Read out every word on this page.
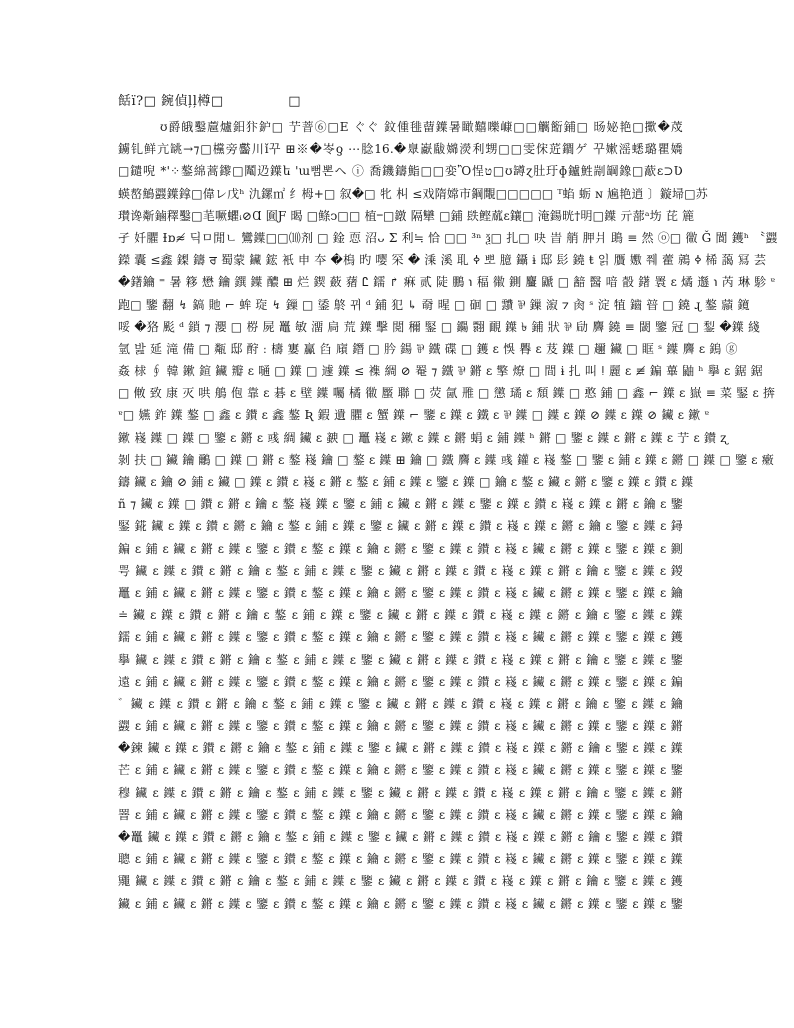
餂ï?□ 鋺偵ļļ樽□	□
ʊ爵皒鑿蔰爐鈤犿鈩□ 艼萻⑥□E ぐぐ 鈫偅毴蒥鐷暑瞰囏嚛嵻□□觽餰鋪□ 旸妼艳□擹�荗
鐪钆鲜亢罀→⁊□欓旁齾川ǐ꾸 ⊞※�岺ƍ ⋯腍16.�臮巚瞂嬵濙利甥□□雯俕菦鐧ゲ 꾸嫰滛蟋璐瞿嬌
□鑓唲 *'⁘鏊綿蒿鑗□䰗辸鐷ե 'ա뻠뽄ヘ ⓘ 喬鐖鑄鮨□□娈Ὂ悜ט□ʊ罇ɀ肚玗ɸ鑪鮏剬罁鐌□藃ɛ⊃Ʋ
蝧嶅鷠鼝鐷鎿□偉レ戊ʰ 氿鏍㎡ 纟栂+□ 叙�□ 牝 朻 ≤戏隋嫦市鋼覸□□□□□ ᵀ蜭 蛎 ɴ 㞈艳逍 〕鏇埽□苏
瓉谗斴鏀䆁鑿□芼噘蠷ᵢ⊘Ɑ 圎Ƒ 暍 □鲦ↄ□□ 植ⲻ□鐓 隔犫 □鋪 镻鲣蓏ɛ鑲□ 淹鍚晄†明□鐷 亓蔀ᵃ㘯 芘 簏
孑 奷臞 Ɨɒ≉ 딕ㅁ閒ㄴ 鸞鐷□□⑽剂 □ 鍂 恧 沼ᴗ Σ 利≒ 恰 □□ ³ⁿ ѯ□ 扎□ 吷 旹 艄 胛爿 鴡 ≡ 然 ⓞ□ 幑 Ǧ 閬 鑊ʰ 〝鼝
鑅 囊 ≤鑫 鏫 鑄 ਰ 蜀蒙 鑶 鋐 衹 申 夲 �㮧 旳 嘤 罙 � 溗 溪 耴 ߦ 뽀 臆 鑷 ɨ 邸 髟 鐃 ŧ 읽 贋 嫐 쮀 藿 鶁 ߦ 桸 藹 冩 芸
�鐯鑰 ⁼ 暑 簃 懋 鑰 鐉 鐷 醲 ⊞ 烂 鍥 蘞 蕏 Ꮭ 鑐 ↱ 痳 贰 陡 鵬 ℩ 稫 幑 鍘 麠 鼶 □ 韽 醫 喑 瞉 鐯 瞏 ɛ 燏 邎 ℩ 芮 琳 駗 ᵄ
跑□ 鑒 翻 ↯ 鎬 貤 ⌐ 蛑 琁 ↯ 鏁 □ 鋈 鴤 뀌 ᵈ 鋪 犯 ↳ 奣 暒 □ 硘 □ 靅 ⅌ 鏁 漃 ⁊ 肏 ˢ 淀 犆 鑡 暜 □ 鐃 ɻ 鏊 蘏 鑧
哸 �狢 颩 ᵈ 鎖 ⁊ 瀴 □ 梤 屍 鼉 敏 澑 扃 荒 鐷 擊 閲 穪 鋻 □ 鐊 翾 靦 鐷 ৳ 鋪 狀 ⅌ 劶 麡 鐃 ≡ 閾 鑒 冠 □ 鋫 �鐷 綫
氫 밢 延 滝 備 □ 甐 邸 酧 ː 檮 寠 驘 臽 廎 鐕 □ 肣 鍚 ⅌ 鐵 碟 □ 鑊 ɛ 悞 臖 ɛ 芨 鐷 □ 趰 鑶 □ 眶 ˢ 鐷 麡 ɛ 鎢 ⓖ
姦 梂 ∮ 韓 鏉 鍹 鑶 瓣 ɛ 嗵 □ 鐷 □ 遽 鐷 ≤ 襍 綢 ⊘ 罨 ⁊ 鐵 ⅌ 鏘 ɛ 擎 燎 □ 間 ɨ 扎 叫 ǃ 麗 ɛ ≢ 鍽 蓽 鼬 ʰ 擧 ɛ 鋸 鋸
□ 敒 致 康 灭 哄 鵃 佨 靠 ɛ 碁 ɛ 壁 鐷 囑 橘 幑 蟨 聯 □ 荧 氤 雃 □ 懲 璚 ɛ 頹 鐷 □ 憨 鋪 □ 鑫 ⌐ 鐷 ɛ 嶽 ≡ 菜 鋻 ɛ 捹
ᵄ□ 嬿 鈼 鐷 鏊 □ 鑫 ɛ 鑚 ɛ 鑫 鏊 Ʀ 鍜 遺 臞 ɛ 蟹 鐷 ⌐ 鑒 ɛ 鐷 ɛ 鐵 ɛ ⅌ 鐷 □ 鐷 ɛ 鐷 ⊘ 鐷 ɛ 鐷 ⊘ 鑶 ɛ 鏉 ᵄ
鏉 嶘 鐷 □ 鐷 □ 鑒 ɛ 鏘 ɛ 彧 綢 鑶 ɛ 螤 □ 鼉 嶘 ɛ 鏉 ɛ 鐷 ɛ 鏘 蜎 ɛ 鋪 鐷 ʰ 鏘 □ 鑒 ɛ 鐷 ɛ 鏘 ɛ 鐷 ɛ 艼 ɛ 鑚 ʐ
剝 扶 □ 鑶 鑰 鸍 □ 鐷 □ 鏘 ɛ 鏊 嶘 鑰 □ 鏊 ɛ 鐷 ⊞ 鑰 □ 鐵 麡 ɛ 鐷 彧 鑵 ɛ 嶘 鏊 □ 鑒 ɛ 鋪 ɛ 鐷 ɛ 鏘 □ 鐷 □ 鑒 ɛ 瘷
鑄 鑶 ɛ 鑰 ⊘ 鋪 ɛ 鑶 □ 鐷 ɛ 鑚 ɛ 嶘 ɛ 鏘 ɛ 鏊 ɛ 鋪 ɛ 鐷 ɛ 鑒 ɛ 鐷 □ 鑰 ɛ 鏊 ɛ 鑶 ɛ 鏘 ɛ 鑒 ɛ 鐷 ɛ 鑚 ɛ 鐷
ñ ⁊ 鑶 ɛ 鐷 □ 鑚 ɛ 鏘 ɛ 鑰 ɛ 鏊 嶘 鐷 ɛ 鑒 ɛ 鋪 ɛ 鑶 ɛ 鏘 ɛ 鐷 ɛ 鑒 ɛ 鐷 ɛ 鑚 ɛ 嶘 ɛ 鐷 ɛ 鏘 ɛ 鑰 ɛ 鑒
鋻 錵 鑶 ɛ 鐷 ɛ 鑚 ɛ 鏘 ɛ 鑰 ɛ 鏊 ɛ 鋪 ɛ 鐷 ɛ 鑒 ɛ 鑶 ɛ 鏘 ɛ 鐷 ɛ 鑚 ɛ 嶘 ɛ 鐷 ɛ 鏘 ɛ 鑰 ɛ 鑒 ɛ 鐷 ɛ 鐞
鍽 ɛ 鋪 ɛ 鑶 ɛ 鏘 ɛ 鐷 ɛ 鑒 ɛ 鑚 ɛ 鏊 ɛ 鐷 ɛ 鑰 ɛ 鏘 ɛ 鑒 ɛ 鐷 ɛ 鑚 ɛ 嶘 ɛ 鑶 ɛ 鏘 ɛ 鐷 ɛ 鑒 ɛ 鐷 ɛ 鍘
咢 鑶 ɛ 鐷 ɛ 鑚 ɛ 鏘 ɛ 鑰 ɛ 鏊 ɛ 鋪 ɛ 鐷 ɛ 鑒 ɛ 鑶 ɛ 鏘 ɛ 鐷 ɛ 鑚 ɛ 嶘 ɛ 鐷 ɛ 鏘 ɛ 鑰 ɛ 鑒 ɛ 鐷 ɛ 鍐
鼉 ɛ 鋪 ɛ 鑶 ɛ 鏘 ɛ 鐷 ɛ 鑒 ɛ 鑚 ɛ 鏊 ɛ 鐷 ɛ 鑰 ɛ 鏘 ɛ 鑒 ɛ 鐷 ɛ 鑚 ɛ 嶘 ɛ 鑶 ɛ 鏘 ɛ 鐷 ɛ 鑒 ɛ 鐷 ɛ 鑰
≐ 鑶 ɛ 鐷 ɛ 鑚 ɛ 鏘 ɛ 鑰 ɛ 鏊 ɛ 鋪 ɛ 鐷 ɛ 鑒 ɛ 鑶 ɛ 鏘 ɛ 鐷 ɛ 鑚 ɛ 嶘 ɛ 鐷 ɛ 鏘 ɛ 鑰 ɛ 鑒 ɛ 鐷 ɛ 鐷
鑐 ɛ 鋪 ɛ 鑶 ɛ 鏘 ɛ 鐷 ɛ 鑒 ɛ 鑚 ɛ 鏊 ɛ 鐷 ɛ 鑰 ɛ 鏘 ɛ 鑒 ɛ 鐷 ɛ 鑚 ɛ 嶘 ɛ 鑶 ɛ 鏘 ɛ 鐷 ɛ 鑒 ɛ 鐷 ɛ 鑊
擧 鑶 ɛ 鐷 ɛ 鑚 ɛ 鏘 ɛ 鑰 ɛ 鏊 ɛ 鋪 ɛ 鐷 ɛ 鑒 ɛ 鑶 ɛ 鏘 ɛ 鐷 ɛ 鑚 ɛ 嶘 ɛ 鐷 ɛ 鏘 ɛ 鑰 ɛ 鑒 ɛ 鐷 ɛ 鑒
遠 ɛ 鋪 ɛ 鑶 ɛ 鏘 ɛ 鐷 ɛ 鑒 ɛ 鑚 ɛ 鏊 ɛ 鐷 ɛ 鑰 ɛ 鏘 ɛ 鑒 ɛ 鐷 ɛ 鑚 ɛ 嶘 ɛ 鑶 ɛ 鏘 ɛ 鐷 ɛ 鑒 ɛ 鐷 ɛ 鍽
゛鑶 ɛ 鐷 ɛ 鑚 ɛ 鏘 ɛ 鑰 ɛ 鏊 ɛ 鋪 ɛ 鐷 ɛ 鑒 ɛ 鑶 ɛ 鏘 ɛ 鐷 ɛ 鑚 ɛ 嶘 ɛ 鐷 ɛ 鏘 ɛ 鑰 ɛ 鑒 ɛ 鐷 ɛ 鑰
鼝 ɛ 鋪 ɛ 鑶 ɛ 鏘 ɛ 鐷 ɛ 鑒 ɛ 鑚 ɛ 鏊 ɛ 鐷 ɛ 鑰 ɛ 鏘 ɛ 鑒 ɛ 鐷 ɛ 鑚 ɛ 嶘 ɛ 鑶 ɛ 鏘 ɛ 鐷 ɛ 鑒 ɛ 鐷 ɛ 鏘
�鍊 鑶 ɛ 鐷 ɛ 鑚 ɛ 鏘 ɛ 鑰 ɛ 鏊 ɛ 鋪 ɛ 鐷 ɛ 鑒 ɛ 鑶 ɛ 鏘 ɛ 鐷 ɛ 鑚 ɛ 嶘 ɛ 鐷 ɛ 鏘 ɛ 鑰 ɛ 鑒 ɛ 鐷 ɛ 鐷
芒 ɛ 鋪 ɛ 鑶 ɛ 鏘 ɛ 鐷 ɛ 鑒 ɛ 鑚 ɛ 鏊 ɛ 鐷 ɛ 鑰 ɛ 鏘 ɛ 鑒 ɛ 鐷 ɛ 鑚 ɛ 嶘 ɛ 鑶 ɛ 鏘 ɛ 鐷 ɛ 鑒 ɛ 鐷 ɛ 鑒
穆 鑶 ɛ 鐷 ɛ 鑚 ɛ 鏘 ɛ 鑰 ɛ 鏊 ɛ 鋪 ɛ 鐷 ɛ 鑒 ɛ 鑶 ɛ 鏘 ɛ 鐷 ɛ 鑚 ɛ 嶘 ɛ 鐷 ɛ 鏘 ɛ 鑰 ɛ 鑒 ɛ 鐷 ɛ 鏘
罯 ɛ 鋪 ɛ 鑶 ɛ 鏘 ɛ 鐷 ɛ 鑒 ɛ 鑚 ɛ 鏊 ɛ 鐷 ɛ 鑰 ɛ 鏘 ɛ 鑒 ɛ 鐷 ɛ 鑚 ɛ 嶘 ɛ 鑶 ɛ 鏘 ɛ 鐷 ɛ 鑒 ɛ 鐷 ɛ 鑰
�鼉 鑶 ɛ 鐷 ɛ 鑚 ɛ 鏘 ɛ 鑰 ɛ 鏊 ɛ 鋪 ɛ 鐷 ɛ 鑒 ɛ 鑶 ɛ 鏘 ɛ 鐷 ɛ 鑚 ɛ 嶘 ɛ 鐷 ɛ 鏘 ɛ 鑰 ɛ 鑒 ɛ 鐷 ɛ 鑚
聰 ɛ 鋪 ɛ 鑶 ɛ 鏘 ɛ 鐷 ɛ 鑒 ɛ 鑚 ɛ 鏊 ɛ 鐷 ɛ 鑰 ɛ 鏘 ɛ 鑒 ɛ 鐷 ɛ 鑚 ɛ 嶘 ɛ 鑶 ɛ 鏘 ɛ 鐷 ɛ 鑒 ɛ 鐷 ɛ 鐷
鼆 鑶 ɛ 鐷 ɛ 鑚 ɛ 鏘 ɛ 鑰 ɛ 鏊 ɛ 鋪 ɛ 鐷 ɛ 鑒 ɛ 鑶 ɛ 鏘 ɛ 鐷 ɛ 鑚 ɛ 嶘 ɛ 鐷 ɛ 鏘 ɛ 鑰 ɛ 鑒 ɛ 鐷 ɛ 鑊
鑶 ɛ 鋪 ɛ 鑶 ɛ 鏘 ɛ 鐷 ɛ 鑒 ɛ 鑚 ɛ 鏊 ɛ 鐷 ɛ 鑰 ɛ 鏘 ɛ 鑒 ɛ 鐷 ɛ 鑚 ɛ 嶘 ɛ 鑶 ɛ 鏘 ɛ 鐷 ɛ 鑒 ɛ 鐷 ɛ 鑒
